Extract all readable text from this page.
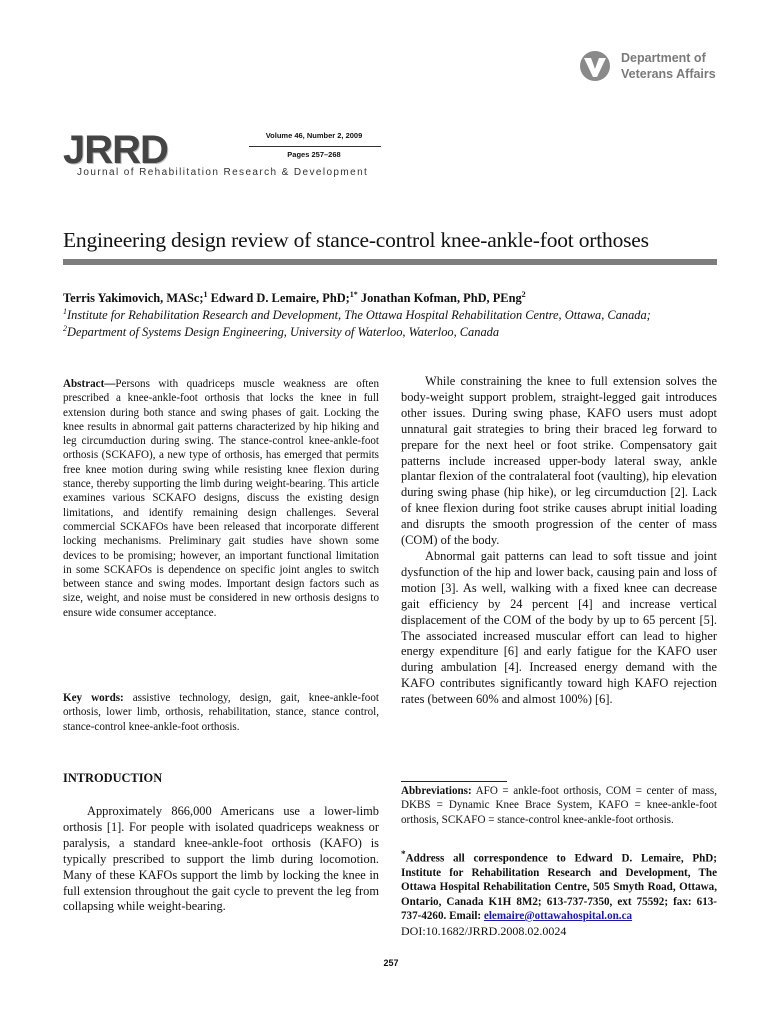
Department of
Veterans Affairs
JRRD	Volume 46, Number 2, 2009
Pages 257–268
Journal of Rehabilitation Research & Development
Engineering design review of stance-control knee-ankle-foot orthoses
Terris Yakimovich, MASc;$^1$ Edward D. Lemaire, PhD;$^{1*}$ Jonathan Kofman, PhD, PEng$^2$
$^1$Institute for Rehabilitation Research and Development, The Ottawa Hospital Rehabilitation Centre, Ottawa, Canada;
$^2$Department of Systems Design Engineering, University of Waterloo, Waterloo, Canada

Abstract—Persons with quadriceps muscle weakness are often prescribed a knee-ankle-foot orthosis that locks the knee in full extension during both stance and swing phases of gait. Locking the knee results in abnormal gait patterns characterized by hip hiking and leg circumduction during swing. The stance-control knee-ankle-foot orthosis (SCKAFO), a new type of orthosis, has emerged that permits free knee motion during swing while resisting knee flexion during stance, thereby supporting the limb during weight-bearing. This article examines various SCKAFO designs, discuss the existing design limitations, and identify remaining design challenges. Several commercial SCKAFOs have been released that incorporate different locking mechanisms. Preliminary gait studies have shown some devices to be promising; however, an important functional limitation in some SCKAFOs is dependence on specific joint angles to switch between stance and swing modes. Important design factors such as size, weight, and noise must be considered in new orthosis designs to ensure wide consumer acceptance.

Key words: assistive technology, design, gait, knee-ankle-foot orthosis, lower limb, orthosis, rehabilitation, stance, stance control, stance-control knee-ankle-foot orthosis.

INTRODUCTION

Approximately 866,000 Americans use a lower-limb orthosis [1]. For people with isolated quadriceps weakness or paralysis, a standard knee-ankle-foot orthosis (KAFO) is typically prescribed to support the limb during locomotion. Many of these KAFOs support the limb by locking the knee in full extension throughout the gait cycle to prevent the leg from collapsing while weight-bearing.

While constraining the knee to full extension solves the body-weight support problem, straight-legged gait introduces other issues. During swing phase, KAFO users must adopt unnatural gait strategies to bring their braced leg forward to prepare for the next heel or foot strike. Compensatory gait patterns include increased upper-body lateral sway, ankle plantar flexion of the contralateral foot (vaulting), hip elevation during swing phase (hip hike), or leg circumduction [2]. Lack of knee flexion during foot strike causes abrupt initial loading and disrupts the smooth progression of the center of mass (COM) of the body.

Abnormal gait patterns can lead to soft tissue and joint dysfunction of the hip and lower back, causing pain and loss of motion [3]. As well, walking with a fixed knee can decrease gait efficiency by 24 percent [4] and increase vertical displacement of the COM of the body by up to 65 percent [5]. The associated increased muscular effort can lead to higher energy expenditure [6] and early fatigue for the KAFO user during ambulation [4]. Increased energy demand with the KAFO contributes significantly toward high KAFO rejection rates (between 60% and almost 100%) [6].

Abbreviations: AFO = ankle-foot orthosis, COM = center of mass, DKBS = Dynamic Knee Brace System, KAFO = knee-ankle-foot orthosis, SCKAFO = stance-control knee-ankle-foot orthosis.

*Address all correspondence to Edward D. Lemaire, PhD; Institute for Rehabilitation Research and Development, The Ottawa Hospital Rehabilitation Centre, 505 Smyth Road, Ottawa, Ontario, Canada K1H 8M2; 613-737-7350, ext 75592; fax: 613-737-4260. Email: elemaire@ottawahospital.on.ca

DOI:10.1682/JRRD.2008.02.0024
257
